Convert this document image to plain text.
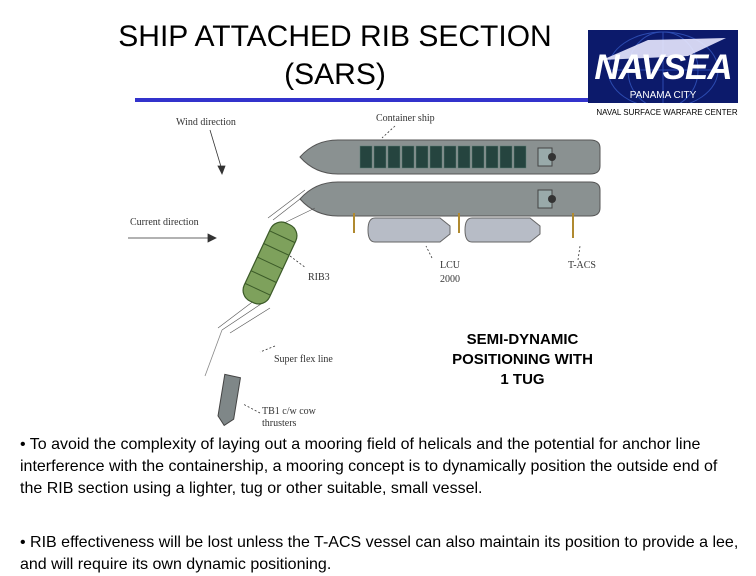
SHIP ATTACHED RIB SECTION
(SARS)	NAVSEA
PANAMA CITY
NAVAL SURFACE WARFARE CENTER
Wind direction	Container ship
Current direction
RIB3
LCU
2000
T-ACS
Super flex line
TB1 c/w cow
thrusters
SEMI-DYNAMIC
POSITIONING WITH
1 TUG
• To avoid the complexity of laying out a mooring field of helicals and the potential for anchor line interference with the containership, a mooring concept is to dynamically position the outside end of the RIB section using a lighter, tug or other suitable, small vessel.
• RIB effectiveness will be lost unless the T-ACS vessel can also maintain its position to provide a lee, and will require its own dynamic positioning.
